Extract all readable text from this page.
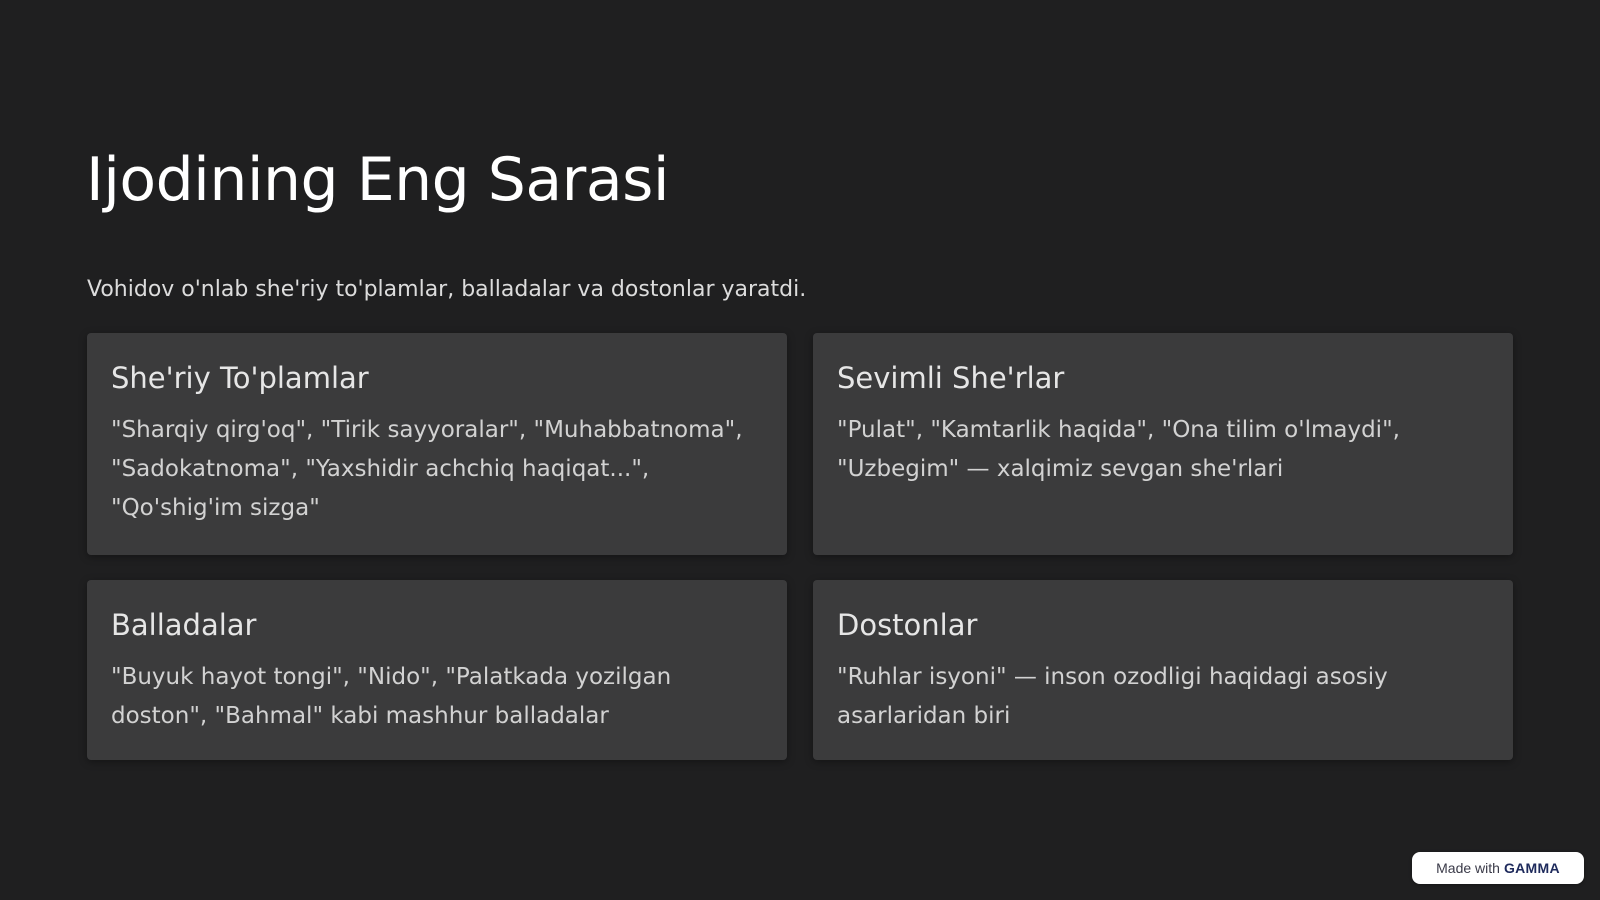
Ijodining Eng Sarasi

Vohidov o'nlab she'riy to'plamlar, balladalar va dostonlar yaratdi.

She'riy To'plamlar

"Sharqiy qirg'oq", "Tirik sayyoralar", "Muhabbatnoma", "Sadokatnoma", "Yaxshidir achchiq haqiqat...", "Qo'shig'im sizga"

Sevimli She'rlar

"Pulat", "Kamtarlik haqida", "Ona tilim o'lmaydi", "Uzbegim" — xalqimiz sevgan she'rlari

Balladalar

"Buyuk hayot tongi", "Nido", "Palatkada yozilgan doston", "Bahmal" kabi mashhur balladalar

Dostonlar

"Ruhlar isyoni" — inson ozodligi haqidagi asosiy asarlaridan biri

Made with GAMMA
